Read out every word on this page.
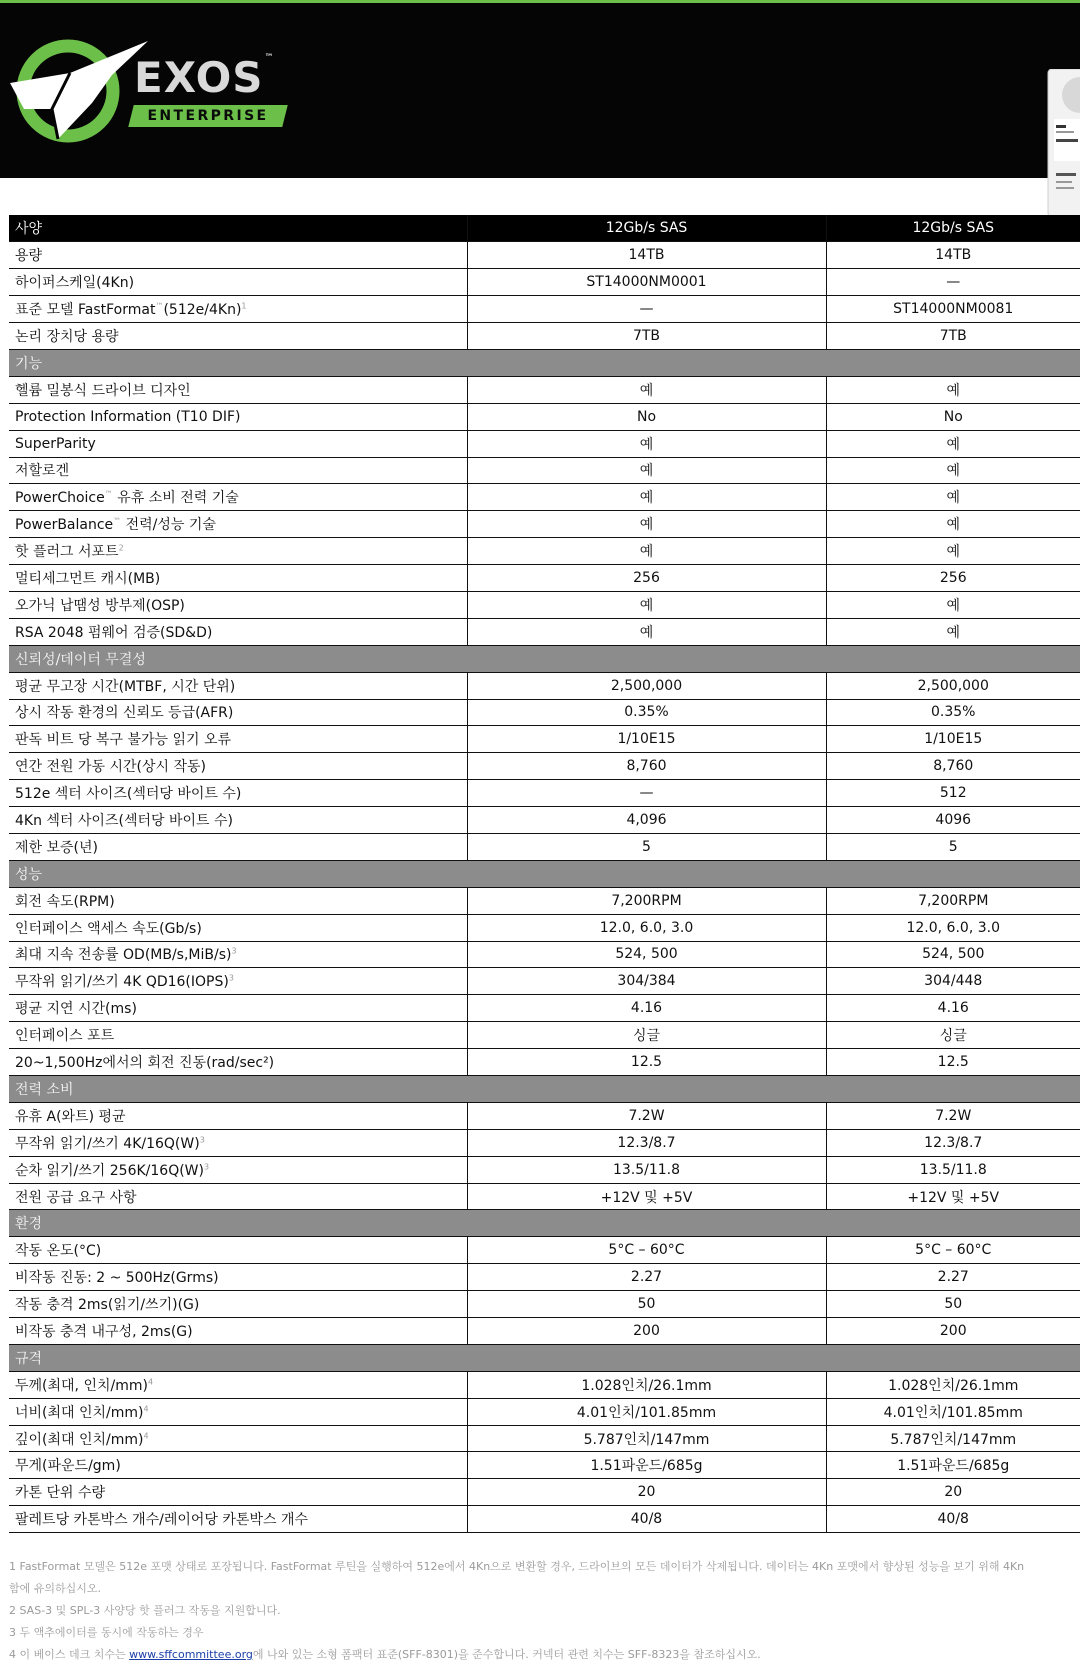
EXOS™
ENTERPRISE
사양	12Gb/s SAS	12Gb/s SAS
용량	14TB	14TB
하이퍼스케일(4Kn)	ST14000NM0001	—
표준 모델 $FastFormat™(512e/4Kn)^1$	—	ST14000NM0081
논리 장치당 용량	7TB	7TB
기능		
헬륨 밀봉식 드라이브 디자인	예	예
Protection Information (T10 DIF)	No	No
SuperParity	예	예
저할로겐	예	예
PowerChoice™ 유휴 소비 전력 기술	예	예
PowerBalance™ 전력/성능 기술	예	예
핫 플러그 서포트$^2$	예	예
멀티세그먼트 캐시(MB)	256	256
오가닉 납땜성 방부제(OSP)	예	예
RSA 2048 펌웨어 검증(SD&D)	예	예
신뢰성/데이터 무결성		
평균 무고장 시간(MTBF, 시간 단위)	2,500,000	2,500,000
상시 작동 환경의 신뢰도 등급(AFR)	0.35%	0.35%
판독 비트 당 복구 불가능 읽기 오류	1/10E15	1/10E15
연간 전원 가동 시간(상시 작동)	8,760	8,760
512e 섹터 사이즈(섹터당 바이트 수)	—	512
4Kn 섹터 사이즈(섹터당 바이트 수)	4,096	4096
제한 보증(년)	5	5
성능		
회전 속도(RPM)	7,200RPM	7,200RPM
인터페이스 액세스 속도(Gb/s)	12.0, 6.0, 3.0	12.0, 6.0, 3.0
최대 지속 전송률 $OD(MB/s,MiB/s)^3$	524, 500	524, 500
무작위 읽기/쓰기 4K QD16(IOPS)$^3$	304/384	304/448
평균 지연 시간(ms)	4.16	4.16
인터페이스 포트	싱글	싱글
20~1,500Hz에서의 회전 진동(rad/sec²)	12.5	12.5
전력 소비		
유휴 A(와트) 평균	7.2W	7.2W
무작위 읽기/쓰기 $4K/16Q(W)^3$	12.3/8.7	12.3/8.7
순차 읽기/쓰기 $256K/16Q(W)^3$	13.5/11.8	13.5/11.8
전원 공급 요구 사항	+12V 및 +5V	+12V 및 +5V
환경		
작동 온도(°C)	5°C – 60°C	5°C – 60°C
비작동 진동: 2 ~ 500Hz(Grms)	2.27	2.27
작동 충격 2ms(읽기/쓰기)(G)	50	50
비작동 충격 내구성, 2ms(G)	200	200
규격		
두께(최대, 인치/mm)$^4$	1.028인치/26.1mm	1.028인치/26.1mm
너비(최대 인치/mm)$^4$	4.01인치/101.85mm	4.01인치/101.85mm
깊이(최대 인치/mm)$^4$	5.787인치/147mm	5.787인치/147mm
무게(파운드/gm)	1.51파운드/685g	1.51파운드/685g
카톤 단위 수량	20	20
팔레트당 카톤박스 개수/레이어당 카톤박스 개수	40/8	40/8

1 FastFormat 모델은 512e 포맷 상태로 포장됩니다. FastFormat 루틴을 실행하여 512e에서 4Kn으로 변환할 경우, 드라이브의 모든 데이터가 삭제됩니다. 데이터는 4Kn 포맷에서 향상된 성능을 보기 위해 4Kn
함에 유의하십시오.

2 SAS-3 및 SPL-3 사양당 핫 플러그 작동을 지원합니다.

3 두 액추에이터를 동시에 작동하는 경우

4 이 베이스 데크 치수는 www.sffcommittee.org에 나와 있는 소형 폼팩터 표준(SFF-8301)을 준수합니다. 커넥터 관련 치수는 SFF-8323을 참조하십시오.
